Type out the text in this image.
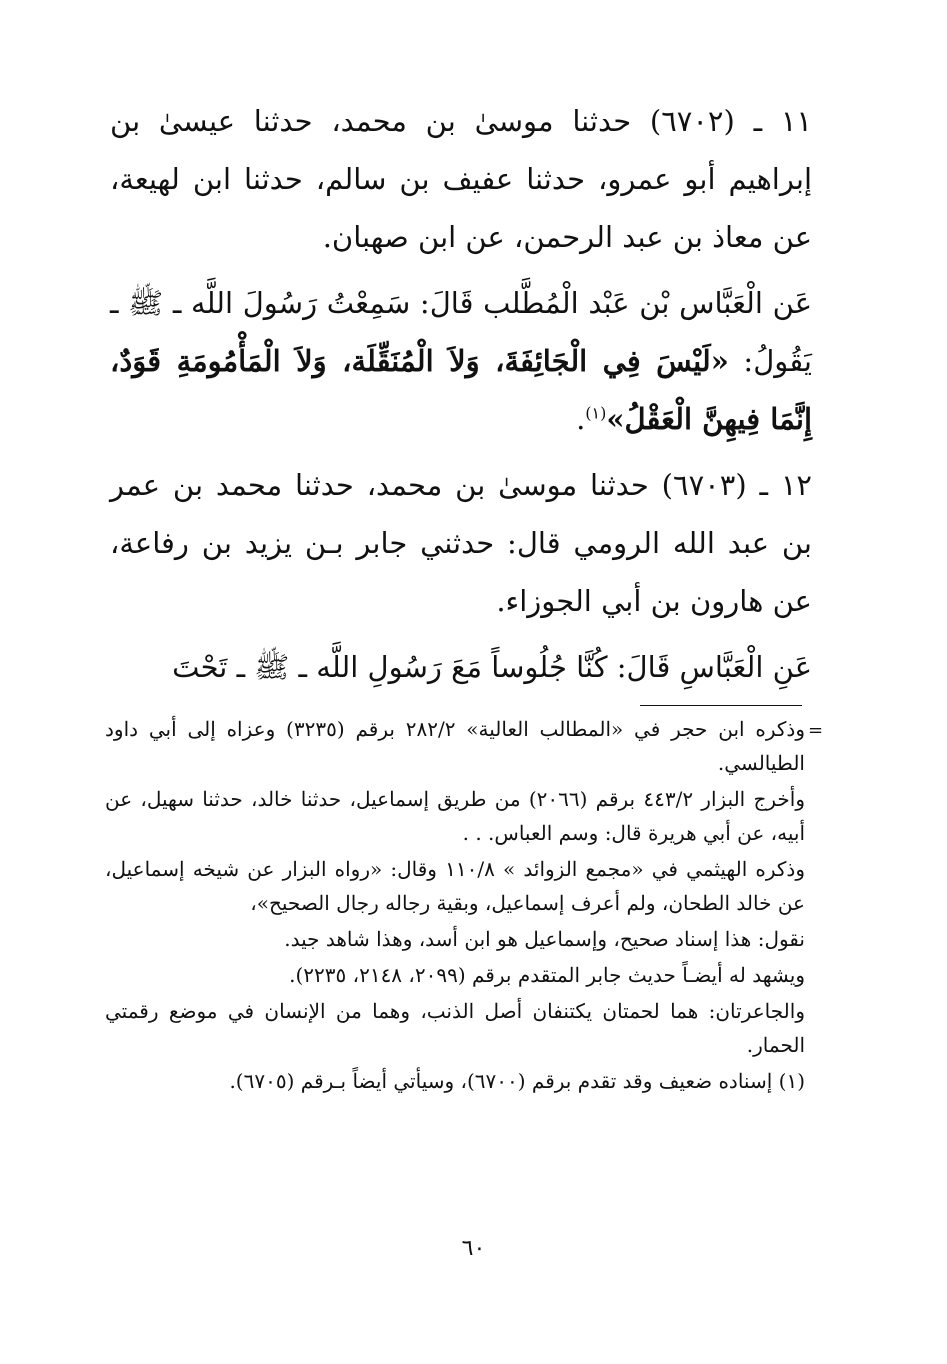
١١ ـ (٦٧٠٢) حدثنا موسىٰ بن محمد، حدثنا عيسىٰ بن إبراهيم أبو عمرو، حدثنا عفيف بن سالم، حدثنا ابن لهيعة، عن معاذ بن عبد الرحمن، عن ابن صهبان.

عَن الْعَبَّاس بْن عَبْد الْمُطَّلب قَالَ: سَمِعْتُ رَسُولَ اللَّه ـ ﷺ ـ يَقُولُ: «لَيْسَ فِي الْجَائِفَةَ، وَلاَ الْمُنَقِّلَة، وَلاَ الْمَأْمُومَةِ قَوَدٌ، إِنَّمَا فِيهِنَّ الْعَقْلُ»$^{(١)}$.

١٢ ـ (٦٧٠٣) حدثنا موسىٰ بن محمد، حدثنا محمد بن عمر بن عبد الله الرومي قال: حدثني جابر بـن يزيد بن رفاعة، عن هارون بن أبي الجوزاء.

عَنِ الْعَبَّاسِ قَالَ: كُنَّا جُلُوساً مَعَ رَسُولِ اللَّه ـ ﷺ ـ تَحْتَ

=

وذكره ابن حجر في «المطالب العالية» ٢٨٢/٢ برقم (٣٢٣٥) وعزاه إلى أبي داود الطيالسي.

وأخرج البزار ٤٤٣/٢ برقم (٢٠٦٦) من طريق إسماعيل، حدثنا خالد، حدثنا سهيل، عن أبيه، عن أبي هريرة قال: وسم العباس. . .

وذكره الهيثمي في «مجمع الزوائد » ١١٠/٨ وقال: «رواه البزار عن شيخه إسماعيل، عن خالد الطحان، ولم أعرف إسماعيل، وبقية رجاله رجال الصحيح»،

نقول: هذا إسناد صحيح، وإسماعيل هو ابن أسد، وهذا شاهد جيد.

ويشهد له أيضـاً حديث جابر المتقدم برقم (٢٠٩٩، ٢١٤٨، ٢٢٣٥).

والجاعرتان: هما لحمتان يكتنفان أصل الذنب، وهما من الإنسان في موضع رقمتي الحمار.

(١) إسناده ضعيف وقد تقدم برقم (٦٧٠٠)، وسيأتي أيضاً بـرقم (٦٧٠٥).

٦٠
